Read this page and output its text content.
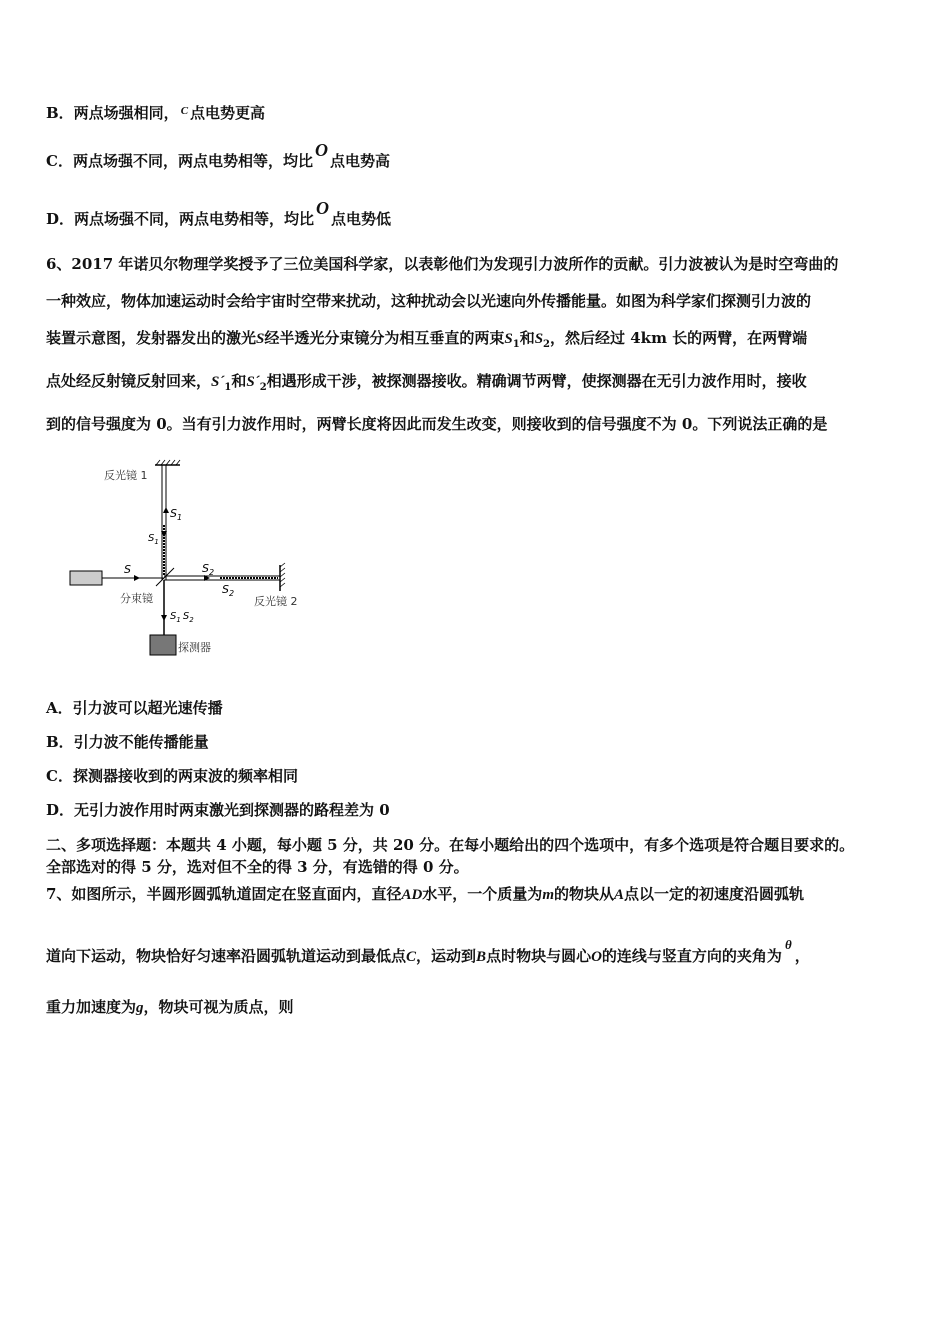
B．两点场强相同， $^C$ 点电势更高
C．两点场强不同，两点电势相等，均比O点电势高
D．两点场强不同，两点电势相等，均比O点电势低
6、2017 年诺贝尔物理学奖授予了三位美国科学家，以表彰他们为发现引力波所作的贡献。引力波被认为是时空弯曲的
一种效应，物体加速运动时会给宇宙时空带来扰动，这种扰动会以光速向外传播能量。如图为科学家们探测引力波的
装置示意图，发射器发出的激光S经半透光分束镜分为相互垂直的两束$S_1$和$S_2$，然后经过 4km 长的两臂，在两臂端
点处经反射镜反射回来，$S´_1$和$S´_2$相遇形成干涉，被探测器接收。精确调节两臂，使探测器在无引力波作用时，接收
到的信号强度为 0。当有引力波作用时，两臂长度将因此而发生改变，则接收到的信号强度不为 0。下列说法正确的是
反光镜 1
$S_1$
$S_1$
S
分束镜
$S_2$
$S_2$
反光镜 2
$S_1$ $S_2$
探测器
A．引力波可以超光速传播
B．引力波不能传播能量
C．探测器接收到的两束波的频率相同
D．无引力波作用时两束激光到探测器的路程差为 0
二、多项选择题：本题共 4 小题，每小题 5 分，共 20 分。在每小题给出的四个选项中，有多个选项是符合题目要求的。
全部选对的得 5 分，选对但不全的得 3 分，有选错的得 0 分。
7、如图所示，半圆形圆弧轨道固定在竖直面内，直径AD水平，一个质量为m的物块从A点以一定的初速度沿圆弧轨
道向下运动，物块恰好匀速率沿圆弧轨道运动到最低点C，运动到B点时物块与圆心O的连线与竖直方向的夹角为θ，
重力加速度为g，物块可视为质点，则
